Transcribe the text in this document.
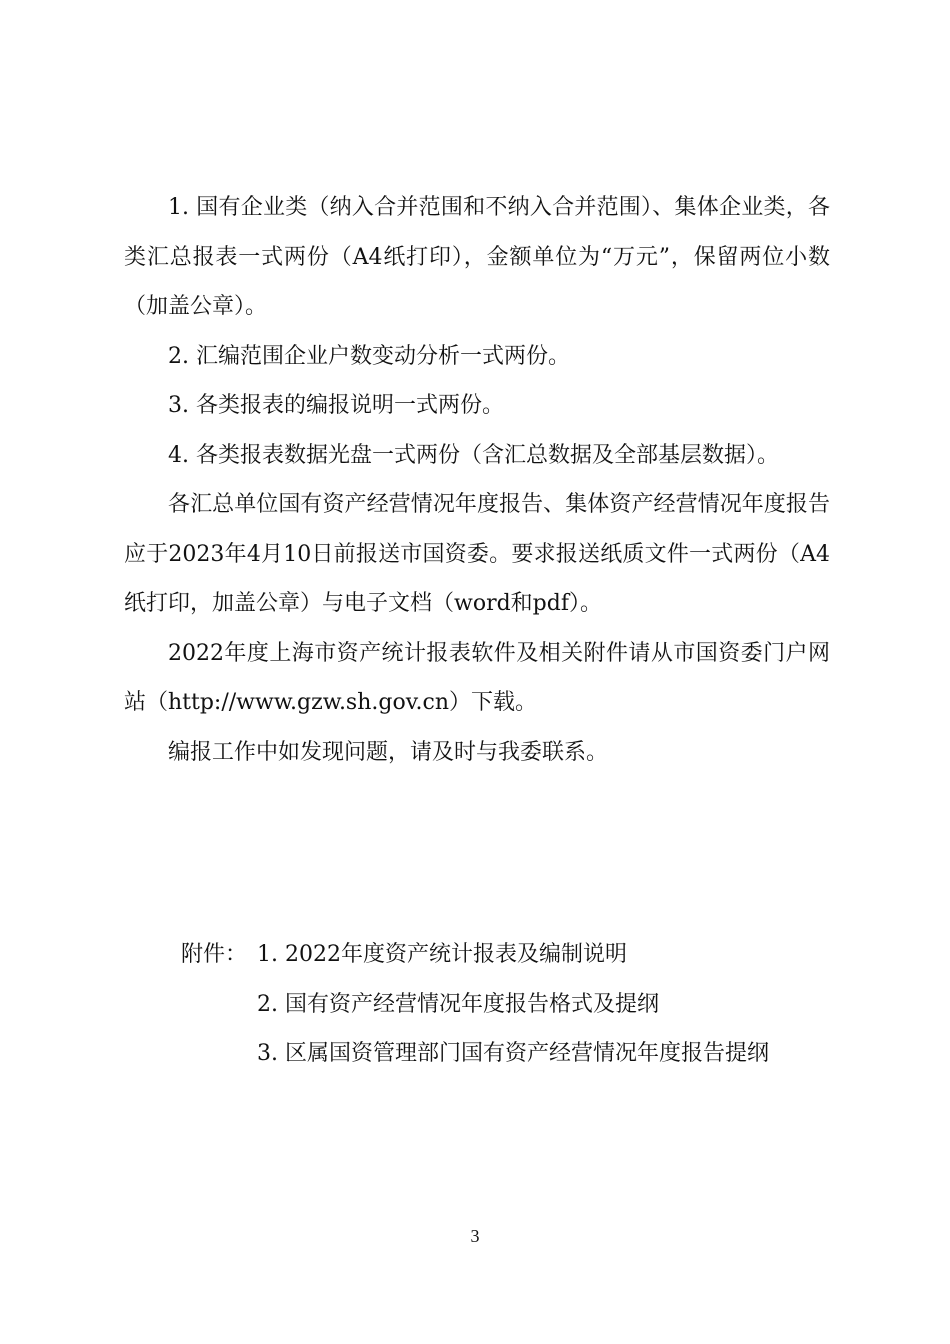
1. 国有企业类（纳入合并范围和不纳入合并范围）、集体企业类，各类汇总报表一式两份（A4纸打印），金额单位为“万元”，保留两位小数（加盖公章）。

2. 汇编范围企业户数变动分析一式两份。

3. 各类报表的编报说明一式两份。

4. 各类报表数据光盘一式两份（含汇总数据及全部基层数据）。

各汇总单位国有资产经营情况年度报告、集体资产经营情况年度报告应于2023年4月10日前报送市国资委。要求报送纸质文件一式两份（A4纸打印，加盖公章）与电子文档（word和pdf）。

2022年度上海市资产统计报表软件及相关附件请从市国资委门户网站（http://www.gzw.sh.gov.cn）下载。

编报工作中如发现问题，请及时与我委联系。

附件： 1. 2022年度资产统计报表及编制说明
2. 国有资产经营情况年度报告格式及提纲
3. 区属国资管理部门国有资产经营情况年度报告提纲
3
